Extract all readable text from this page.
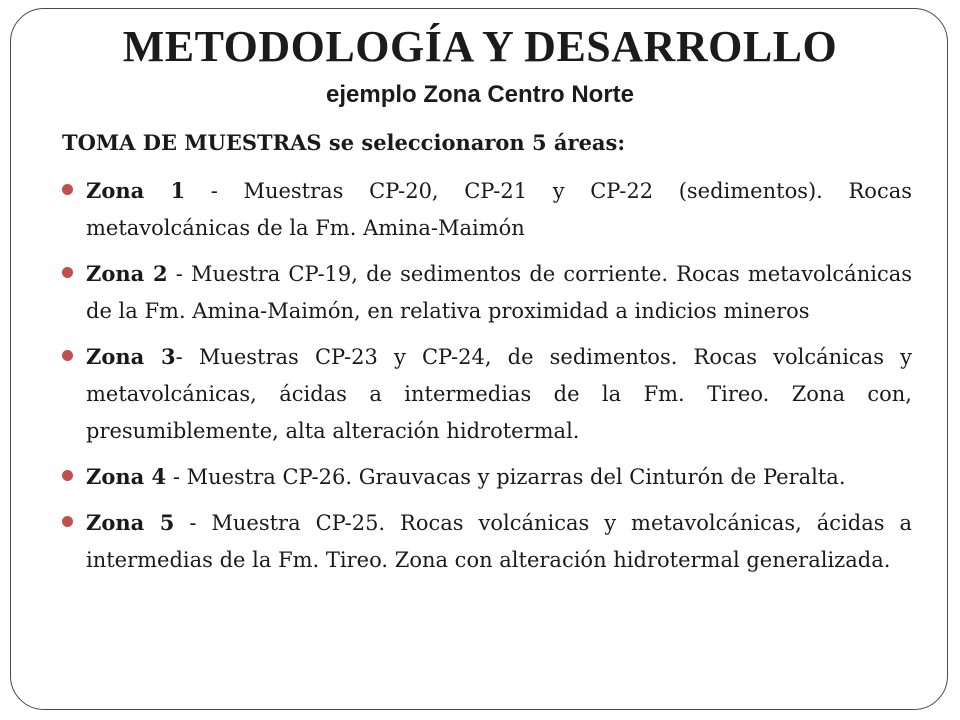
METODOLOGÍA Y DESARROLLO
ejemplo Zona Centro Norte
TOMA DE MUESTRAS se seleccionaron 5 áreas:
Zona 1 - Muestras CP-20, CP-21 y CP-22 (sedimentos). Rocas metavolcánicas de la Fm. Amina-Maimón
Zona 2 - Muestra CP-19, de sedimentos de corriente. Rocas metavolcánicas de la Fm. Amina-Maimón, en relativa proximidad a indicios mineros
Zona 3- Muestras CP-23 y CP-24, de sedimentos. Rocas volcánicas y metavolcánicas, ácidas a intermedias de la Fm. Tireo. Zona con, presumiblemente, alta alteración hidrotermal.
Zona 4 - Muestra CP-26. Grauvacas y pizarras del Cinturón de Peralta.
Zona 5 - Muestra CP-25. Rocas volcánicas y metavolcánicas, ácidas a intermedias de la Fm. Tireo. Zona con alteración hidrotermal generalizada.
